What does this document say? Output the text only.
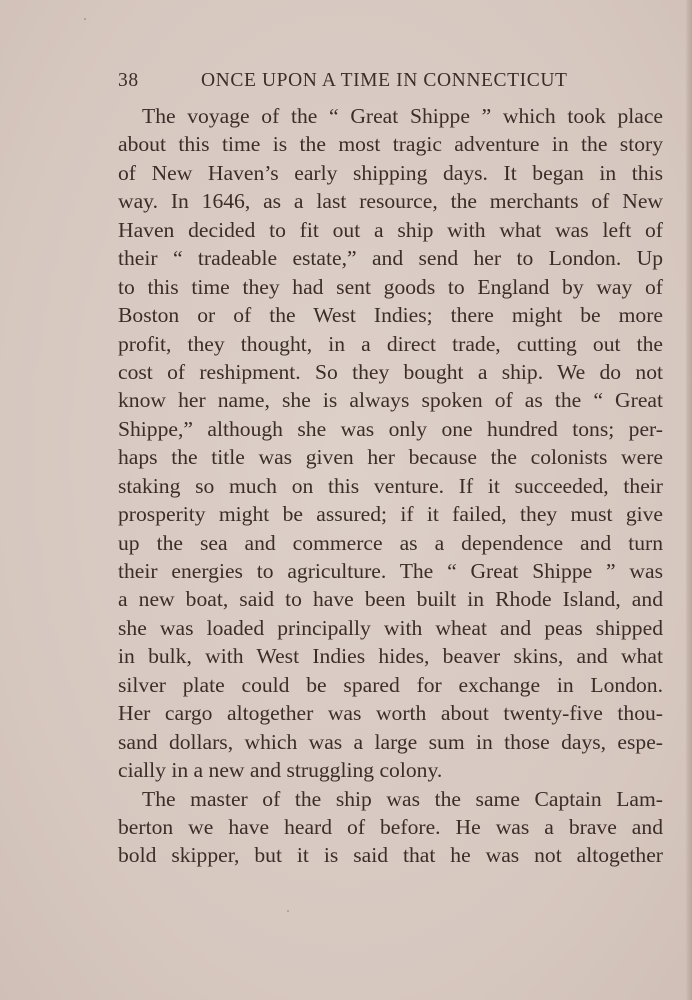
38	ONCE UPON A TIME IN CONNECTICUT
The voyage of the “ Great Shippe ” which took place
about this time is the most tragic adventure in the story
of New Haven’s early shipping days. It began in this
way. In 1646, as a last resource, the merchants of New
Haven decided to fit out a ship with what was left of
their “ tradeable estate,” and send her to London. Up
to this time they had sent goods to England by way of
Boston or of the West Indies; there might be more
profit, they thought, in a direct trade, cutting out the
cost of reshipment. So they bought a ship. We do not
know her name, she is always spoken of as the “ Great
Shippe,” although she was only one hundred tons; per-
haps the title was given her because the colonists were
staking so much on this venture. If it succeeded, their
prosperity might be assured; if it failed, they must give
up the sea and commerce as a dependence and turn
their energies to agriculture. The “ Great Shippe ” was
a new boat, said to have been built in Rhode Island, and
she was loaded principally with wheat and peas shipped
in bulk, with West Indies hides, beaver skins, and what
silver plate could be spared for exchange in London.
Her cargo altogether was worth about twenty-five thou-
sand dollars, which was a large sum in those days, espe-
cially in a new and struggling colony.
The master of the ship was the same Captain Lam-
berton we have heard of before. He was a brave and
bold skipper, but it is said that he was not altogether
